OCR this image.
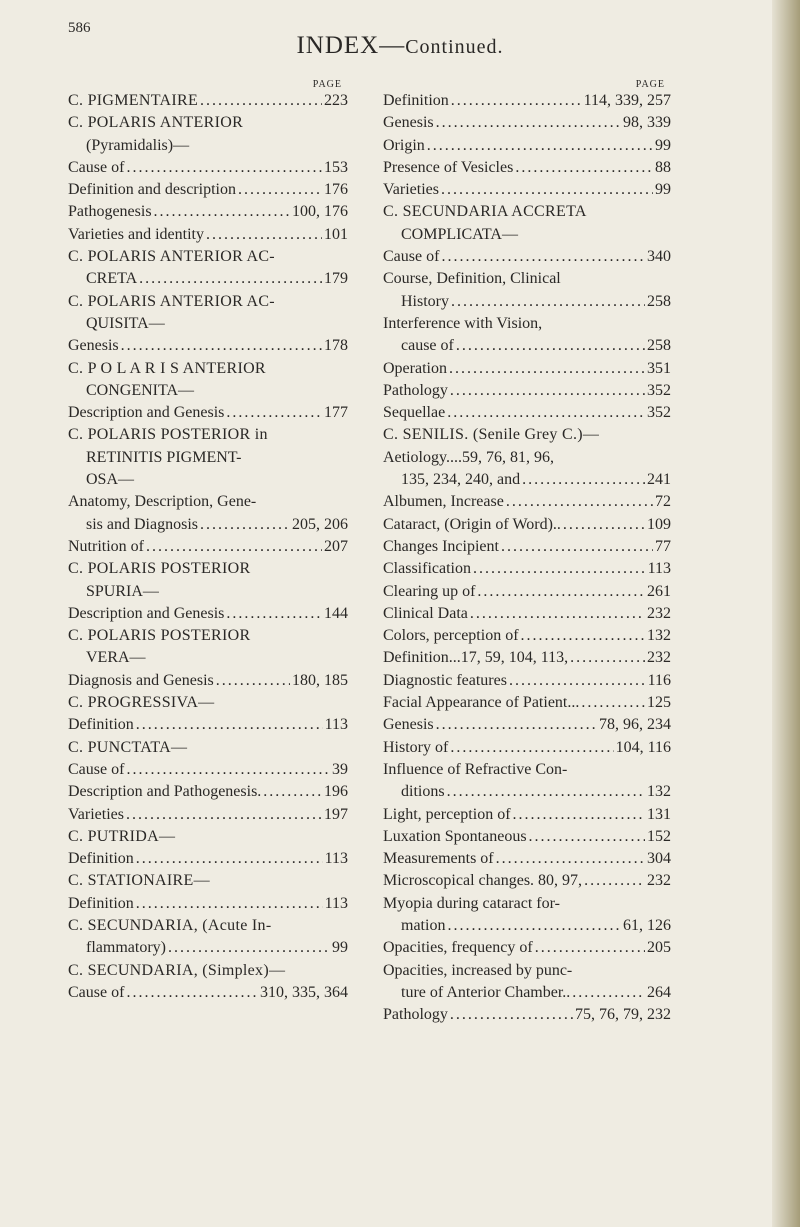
586
INDEX—Continued.
PAGE
C. PIGMENTAIRE . . .	223
C. POLARIS ANTERIOR
(Pyramidalis)—
Cause of . . .	153
Definition and description . . .	176
Pathogenesis . . .	100, 176
Varieties and identity . . .	101
C. POLARIS ANTERIOR AC-
CRETA . . .	179
C. POLARIS ANTERIOR AC-
QUISITA—
Genesis . . .	178
C. P O L A R I S ANTERIOR
CONGENITA—
Description and Genesis . . .	177
C. POLARIS POSTERIOR in
RETINITIS PIGMENT-
OSA—
Anatomy, Description, Gene-
sis and Diagnosis . . .	205, 206
Nutrition of . . .	207
C. POLARIS POSTERIOR
SPURIA—
Description and Genesis . . .	144
C. POLARIS POSTERIOR
VERA—
Diagnosis and Genesis . . .	180, 185
C. PROGRESSIVA—
Definition . . .	113
C. PUNCTATA—
Cause of . . .	39
Description and Pathogenesis. . . .	196
Varieties . . .	197
C. PUTRIDA—
Definition . . .	113
C. STATIONAIRE—
Definition . . .	113
C. SECUNDARIA, (Acute In-
flammatory) . . .	99
C. SECUNDARIA, (Simplex)—
Cause of . . .	310, 335, 364
PAGE
Definition . . .	114, 339, 257
Genesis . . .	98, 339
Origin . . .	99
Presence of Vesicles . . .	88
Varieties . . .	99
C. SECUNDARIA ACCRETA
COMPLICATA—
Cause of . . .	340
Course, Definition, Clinical
History . . .	258
Interference with Vision,
cause of . . .	258
Operation . . .	351
Pathology . . .	352
Sequellae . . .	352
C. SENILIS. (Senile Grey C.)—
Aetiology....59, 76, 81, 96,
135, 234, 240, and . . .	241
Albumen, Increase . . .	72
Cataract, (Origin of Word).. . . .	109
Changes Incipient . . .	77
Classification . . .	113
Clearing up of . . .	261
Clinical Data . . .	232
Colors, perception of . . .	132
Definition...17, 59, 104, 113, . . .	232
Diagnostic features . . .	116
Facial Appearance of Patient... . . .	125
Genesis . . .	78, 96, 234
History of . . .	104, 116
Influence of Refractive Con-
ditions . . .	132
Light, perception of . . .	131
Luxation Spontaneous . . .	152
Measurements of . . .	304
Microscopical changes. 80, 97, . . .	232
Myopia during cataract for-
mation . . .	61, 126
Opacities, frequency of . . .	205
Opacities, increased by punc-
ture of Anterior Chamber.. . . .	264
Pathology . . .	75, 76, 79, 232
